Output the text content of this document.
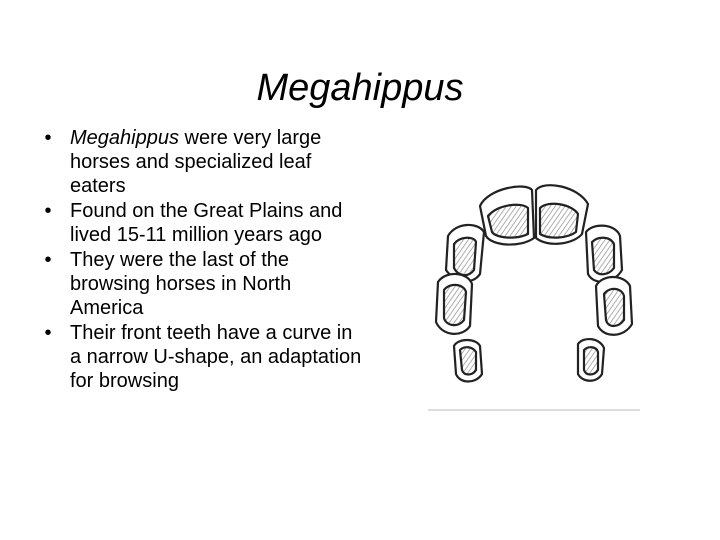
Megahippus
• Megahippus were very large horses and specialized leaf eaters
• Found on the Great Plains and lived 15-11 million years ago
• They were the last of the browsing horses in North America
• Their front teeth have a curve in a narrow U-shape, an adaptation for browsing
